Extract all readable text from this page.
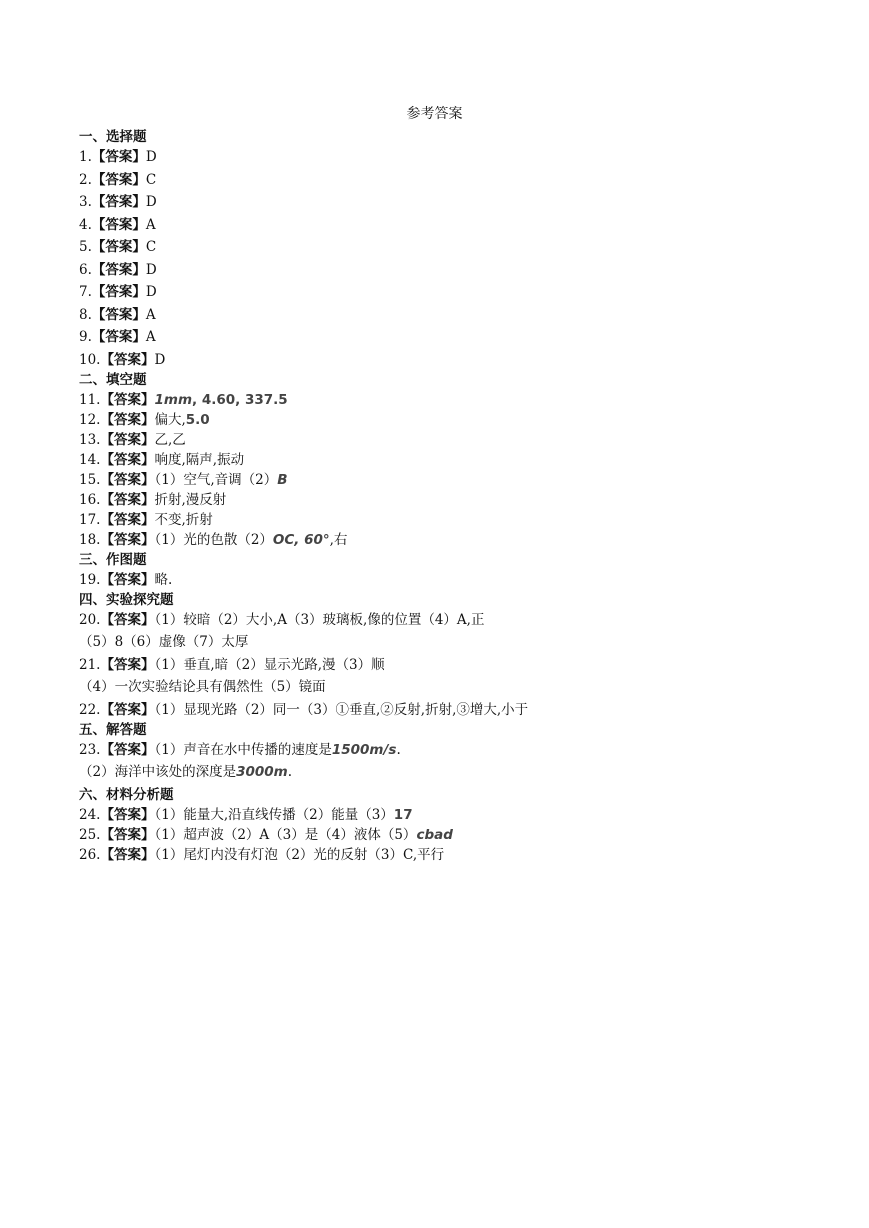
参考答案
一、选择题
1.【答案】D
2.【答案】C
3.【答案】D
4.【答案】A
5.【答案】C
6.【答案】D
7.【答案】D
8.【答案】A
9.【答案】A
10.【答案】D
二、填空题
11.【答案】1mm, 4.60, 337.5
12.【答案】偏大,5.0
13.【答案】乙,乙
14.【答案】响度,隔声,振动
15.【答案】（1）空气,音调（2）B
16.【答案】折射,漫反射
17.【答案】不变,折射
18.【答案】（1）光的色散（2）OC, 60°,右
三、作图题
19.【答案】略.
四、实验探究题
20.【答案】（1）较暗（2）大小,A（3）玻璃板,像的位置（4）A,正
（5）8（6）虚像（7）太厚
21.【答案】（1）垂直,暗（2）显示光路,漫（3）顺
（4）一次实验结论具有偶然性（5）镜面
22.【答案】（1）显现光路（2）同一（3）①垂直,②反射,折射,③增大,小于
五、解答题
23.【答案】（1）声音在水中传播的速度是1500m/s.
（2）海洋中该处的深度是3000m.
六、材料分析题
24.【答案】（1）能量大,沿直线传播（2）能量（3）17
25.【答案】（1）超声波（2）A（3）是（4）液体（5）cbad
26.【答案】（1）尾灯内没有灯泡（2）光的反射（3）C,平行
